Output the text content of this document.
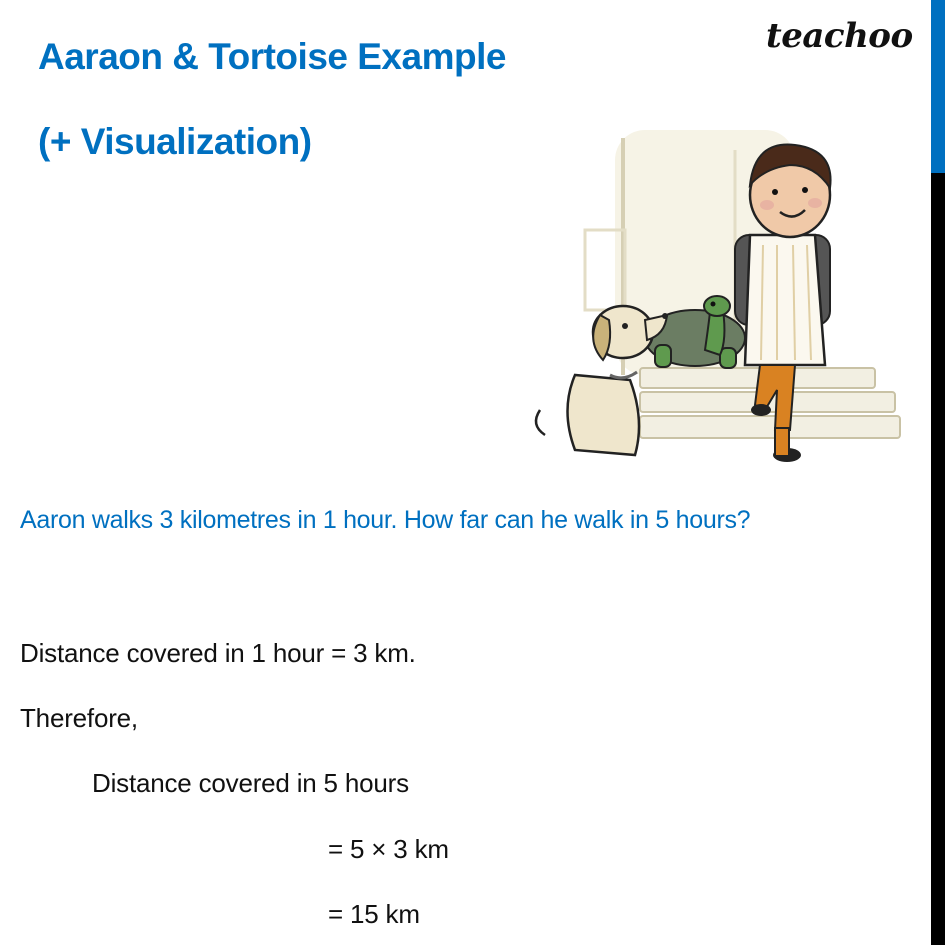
Aaraon & Tortoise Example
(+ Visualization)
teachoo
Aaron walks 3 kilometres in 1 hour. How far can he walk in 5 hours?
Distance covered in 1 hour = 3 km.
Therefore,
Distance covered in 5 hours
= 5 × 3 km
= 15 km
